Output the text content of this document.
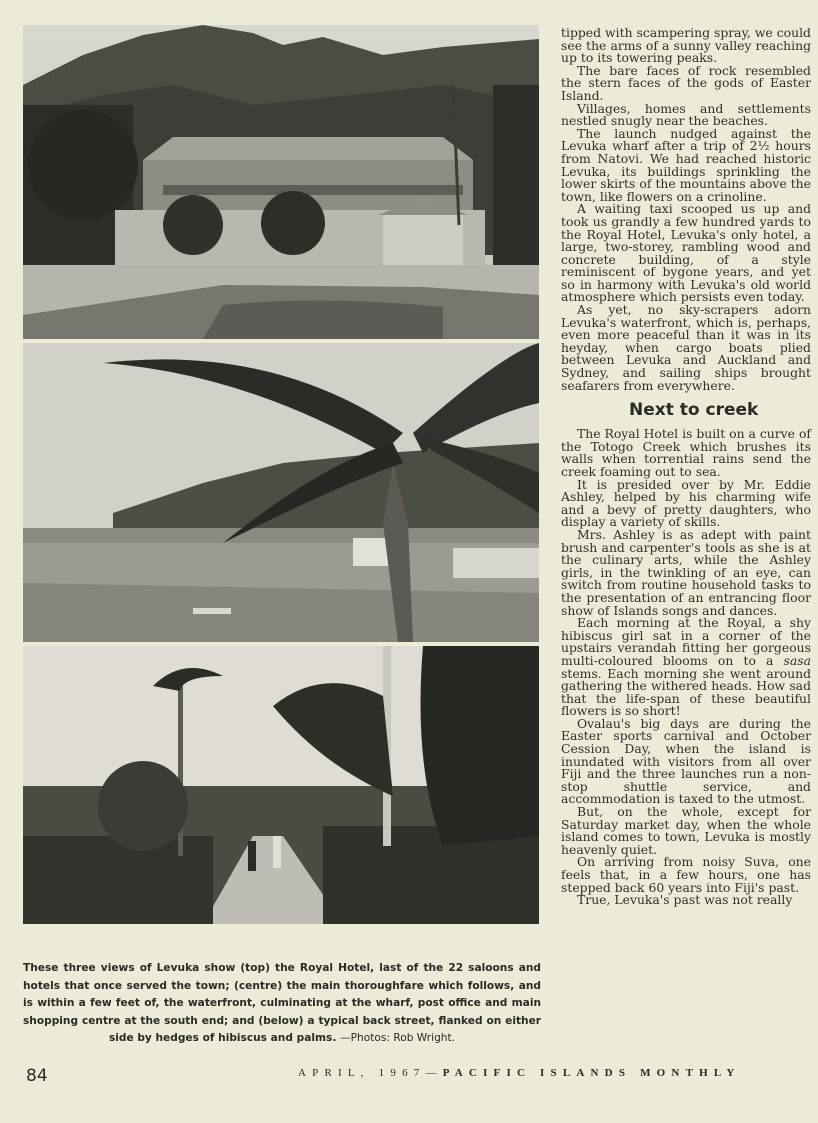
These three views of Levuka show (top) the Royal Hotel, last of the 22 saloons and hotels that once served the town; (centre) the main thoroughfare which follows, and is within a few feet of, the waterfront, culminating at the wharf, post office and main shopping centre at the south end; and (below) a typical back street, flanked on either side by hedges of hibiscus and palms. —Photos: Rob Wright.

tipped with scampering spray, we could see the arms of a sunny valley reaching up to its towering peaks.

The bare faces of rock resembled the stern faces of the gods of Easter Island.

Villages, homes and settlements nestled snugly near the beaches.

The launch nudged against the Levuka wharf after a trip of 2½ hours from Natovi. We had reached historic Levuka, its buildings sprinkling the lower skirts of the mountains above the town, like flowers on a crinoline.

A waiting taxi scooped us up and took us grandly a few hundred yards to the Royal Hotel, Levuka's only hotel, a large, two-storey, rambling wood and concrete building, of a style reminiscent of bygone years, and yet so in harmony with Levuka's old world atmosphere which persists even today.

As yet, no sky-scrapers adorn Levuka's waterfront, which is, perhaps, even more peaceful than it was in its heyday, when cargo boats plied between Levuka and Auckland and Sydney, and sailing ships brought seafarers from everywhere.

Next to creek

The Royal Hotel is built on a curve of the Totogo Creek which brushes its walls when torrential rains send the creek foaming out to sea.

It is presided over by Mr. Eddie Ashley, helped by his charming wife and a bevy of pretty daughters, who display a variety of skills.

Mrs. Ashley is as adept with paint brush and carpenter's tools as she is at the culinary arts, while the Ashley girls, in the twinkling of an eye, can switch from routine household tasks to the presentation of an entrancing floor show of Islands songs and dances.

Each morning at the Royal, a shy hibiscus girl sat in a corner of the upstairs verandah fitting her gorgeous multi-coloured blooms on to a sasa stems. Each morning she went around gathering the withered heads. How sad that the life-span of these beautiful flowers is so short!

Ovalau's big days are during the Easter sports carnival and October Cession Day, when the island is inundated with visitors from all over Fiji and the three launches run a non-stop shuttle service, and accommodation is taxed to the utmost.

But, on the whole, except for Saturday market day, when the whole island comes to town, Levuka is mostly heavenly quiet.

On arriving from noisy Suva, one feels that, in a few hours, one has stepped back 60 years into Fiji's past.

True, Levuka's past was not really

84	APRIL, 1967—PACIFIC ISLANDS MONTHLY
